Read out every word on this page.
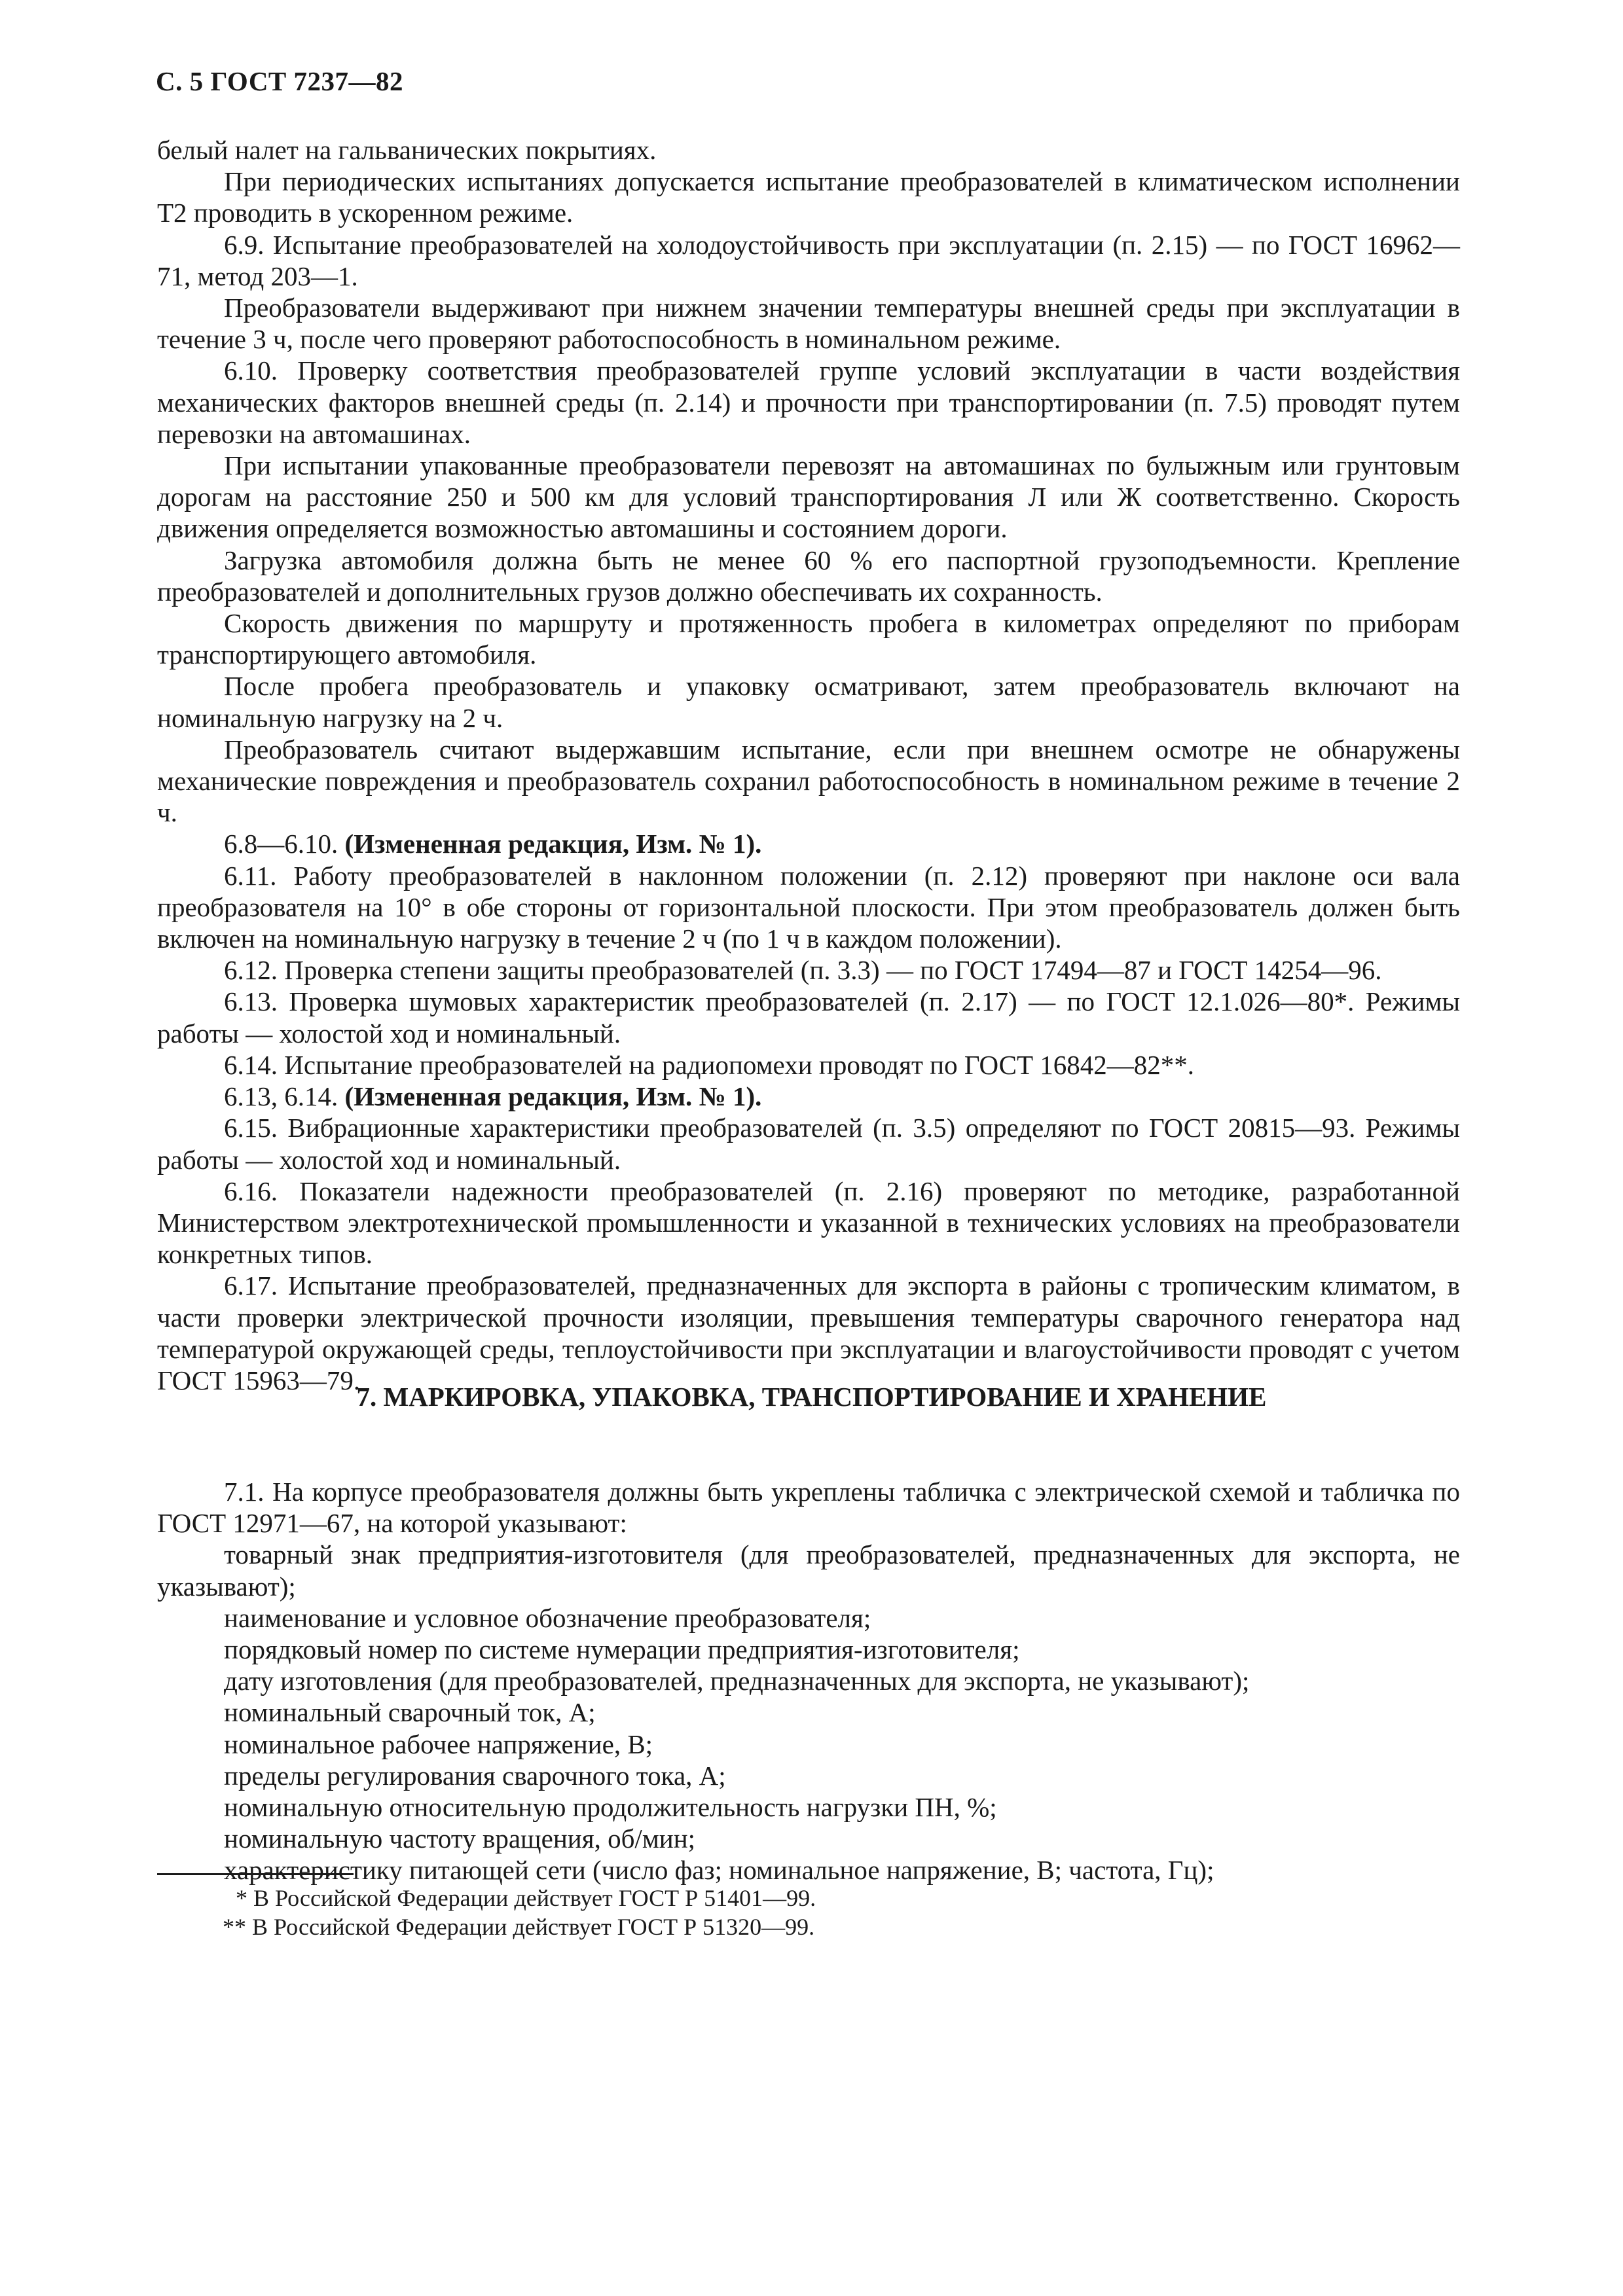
С. 5 ГОСТ 7237—82

белый налет на гальванических покрытиях.

При периодических испытаниях допускается испытание преобразователей в климатическом исполнении Т2 проводить в ускоренном режиме.

6.9. Испытание преобразователей на холодоустойчивость при эксплуатации (п. 2.15) — по ГОСТ 16962—71, метод 203—1.

Преобразователи выдерживают при нижнем значении температуры внешней среды при эксплуатации в течение 3 ч, после чего проверяют работоспособность в номинальном режиме.

6.10. Проверку соответствия преобразователей группе условий эксплуатации в части воздействия механических факторов внешней среды (п. 2.14) и прочности при транспортировании (п. 7.5) проводят путем перевозки на автомашинах.

При испытании упакованные преобразователи перевозят на автомашинах по булыжным или грунтовым дорогам на расстояние 250 и 500 км для условий транспортирования Л или Ж соответственно. Скорость движения определяется возможностью автомашины и состоянием дороги.

Загрузка автомобиля должна быть не менее 60 % его паспортной грузоподъемности. Крепление преобразователей и дополнительных грузов должно обеспечивать их сохранность.

Скорость движения по маршруту и протяженность пробега в километрах определяют по приборам транспортирующего автомобиля.

После пробега преобразователь и упаковку осматривают, затем преобразователь включают на номинальную нагрузку на 2 ч.

Преобразователь считают выдержавшим испытание, если при внешнем осмотре не обнаружены механические повреждения и преобразователь сохранил работоспособность в номинальном режиме в течение 2 ч.

6.8—6.10. (Измененная редакция, Изм. № 1).

6.11. Работу преобразователей в наклонном положении (п. 2.12) проверяют при наклоне оси вала преобразователя на 10° в обе стороны от горизонтальной плоскости. При этом преобразователь должен быть включен на номинальную нагрузку в течение 2 ч (по 1 ч в каждом положении).

6.12. Проверка степени защиты преобразователей (п. 3.3) — по ГОСТ 17494—87 и ГОСТ 14254—96.

6.13. Проверка шумовых характеристик преобразователей (п. 2.17) — по ГОСТ 12.1.026—80*. Режимы работы — холостой ход и номинальный.

6.14. Испытание преобразователей на радиопомехи проводят по ГОСТ 16842—82**.

6.13, 6.14. (Измененная редакция, Изм. № 1).

6.15. Вибрационные характеристики преобразователей (п. 3.5) определяют по ГОСТ 20815—93. Режимы работы — холостой ход и номинальный.

6.16. Показатели надежности преобразователей (п. 2.16) проверяют по методике, разработанной Министерством электротехнической промышленности и указанной в технических условиях на преобразователи конкретных типов.

6.17. Испытание преобразователей, предназначенных для экспорта в районы с тропическим климатом, в части проверки электрической прочности изоляции, превышения температуры сварочного генератора над температурой окружающей среды, теплоустойчивости при эксплуатации и влагоустойчивости проводят с учетом ГОСТ 15963—79.

7. МАРКИРОВКА, УПАКОВКА, ТРАНСПОРТИРОВАНИЕ И ХРАНЕНИЕ

7.1. На корпусе преобразователя должны быть укреплены табличка с электрической схемой и табличка по ГОСТ 12971—67, на которой указывают:

товарный знак предприятия-изготовителя (для преобразователей, предназначенных для экспорта, не указывают);

наименование и условное обозначение преобразователя;

порядковый номер по системе нумерации предприятия-изготовителя;

дату изготовления (для преобразователей, предназначенных для экспорта, не указывают);

номинальный сварочный ток, А;

номинальное рабочее напряжение, В;

пределы регулирования сварочного тока, А;

номинальную относительную продолжительность нагрузки ПН, %;

номинальную частоту вращения, об/мин;

характеристику питающей сети (число фаз; номинальное напряжение, В; частота, Гц);

* В Российской Федерации действует ГОСТ Р 51401—99.

** В Российской Федерации действует ГОСТ Р 51320—99.
